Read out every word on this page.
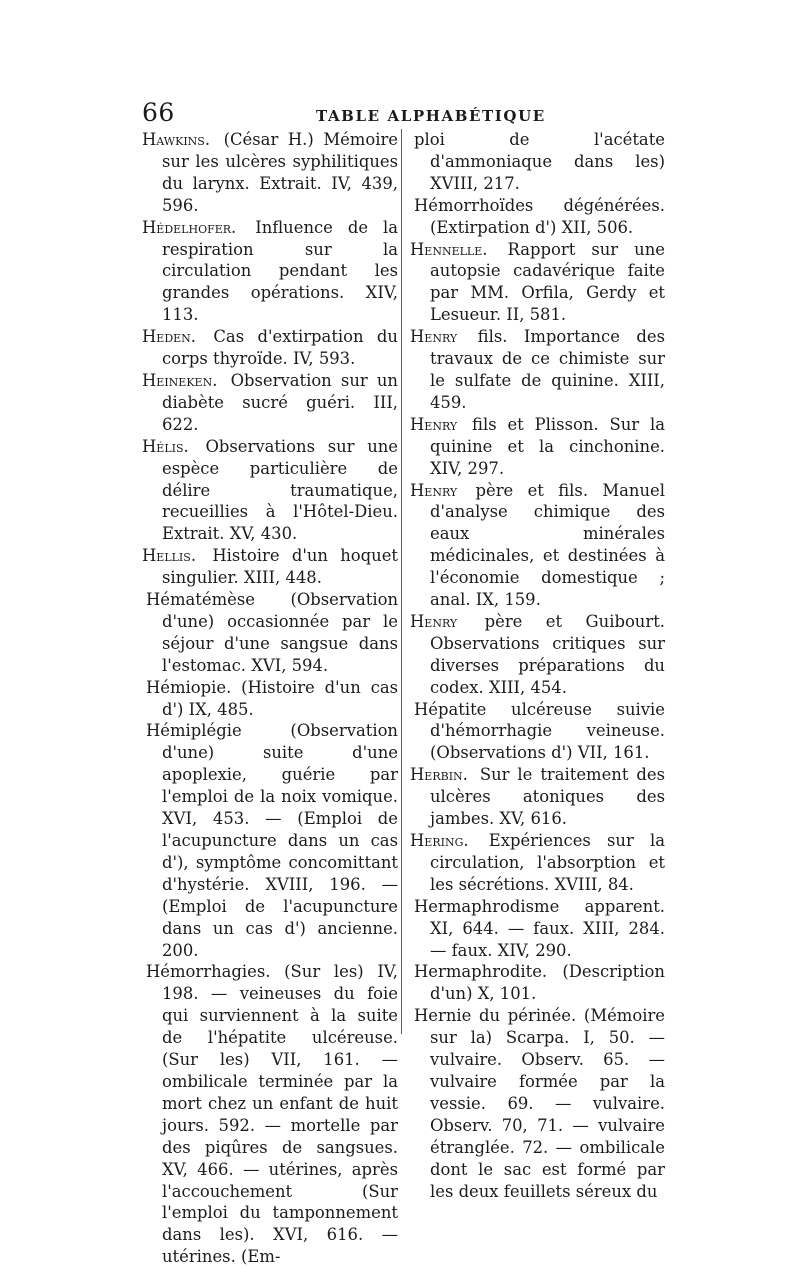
66	TABLE ALPHABÉTIQUE

Hawkins. (César H.) Mémoire sur les ulcères syphilitiques du larynx. Extrait. IV, 439, 596.

Hédelhofer. Influence de la respiration sur la circulation pendant les grandes opérations. XIV, 113.

Heden. Cas d'extirpation du corps thyroïde. IV, 593.

Heineken. Observation sur un diabète sucré guéri. III, 622.

Hélis. Observations sur une espèce particulière de délire traumatique, recueillies à l'Hôtel-Dieu. Extrait. XV, 430.

Hellis. Histoire d'un hoquet singulier. XIII, 448.

Hématémèse (Observation d'une) occasionnée par le séjour d'une sangsue dans l'estomac. XVI, 594.

Hémiopie. (Histoire d'un cas d') IX, 485.

Hémiplégie (Observation d'une) suite d'une apoplexie, guérie par l'emploi de la noix vomique. XVI, 453. — (Emploi de l'acupuncture dans un cas d'), symptôme concomittant d'hystérie. XVIII, 196. — (Emploi de l'acupuncture dans un cas d') ancienne. 200.

Hémorrhagies. (Sur les) IV, 198. — veineuses du foie qui surviennent à la suite de l'hépatite ulcéreuse. (Sur les) VII, 161. — ombilicale terminée par la mort chez un enfant de huit jours. 592. — mortelle par des piqûres de sangsues. XV, 466. — utérines, après l'accouchement (Sur l'emploi du tamponnement dans les). XVI, 616. — utérines. (Em-

ploi de l'acétate d'ammoniaque dans les) XVIII, 217.

Hémorrhoïdes dégénérées. (Extirpation d') XII, 506.

Hennelle. Rapport sur une autopsie cadavérique faite par MM. Orfila, Gerdy et Lesueur. II, 581.

Henry fils. Importance des travaux de ce chimiste sur le sulfate de quinine. XIII, 459.

Henry fils et Plisson. Sur la quinine et la cinchonine. XIV, 297.

Henry père et fils. Manuel d'analyse chimique des eaux minérales médicinales, et destinées à l'économie domestique ; anal. IX, 159.

Henry père et Guibourt. Observations critiques sur diverses préparations du codex. XIII, 454.

Hépatite ulcéreuse suivie d'hémorrhagie veineuse. (Observations d') VII, 161.

Herbin. Sur le traitement des ulcères atoniques des jambes. XV, 616.

Hering. Expériences sur la circulation, l'absorption et les sécrétions. XVIII, 84.

Hermaphrodisme apparent. XI, 644. — faux. XIII, 284. — faux. XIV, 290.

Hermaphrodite. (Description d'un) X, 101.

Hernie du périnée. (Mémoire sur la) Scarpa. I, 50. — vulvaire. Observ. 65. — vulvaire formée par la vessie. 69. — vulvaire. Observ. 70, 71. — vulvaire étranglée. 72. — ombilicale dont le sac est formé par les deux feuillets séreux du
